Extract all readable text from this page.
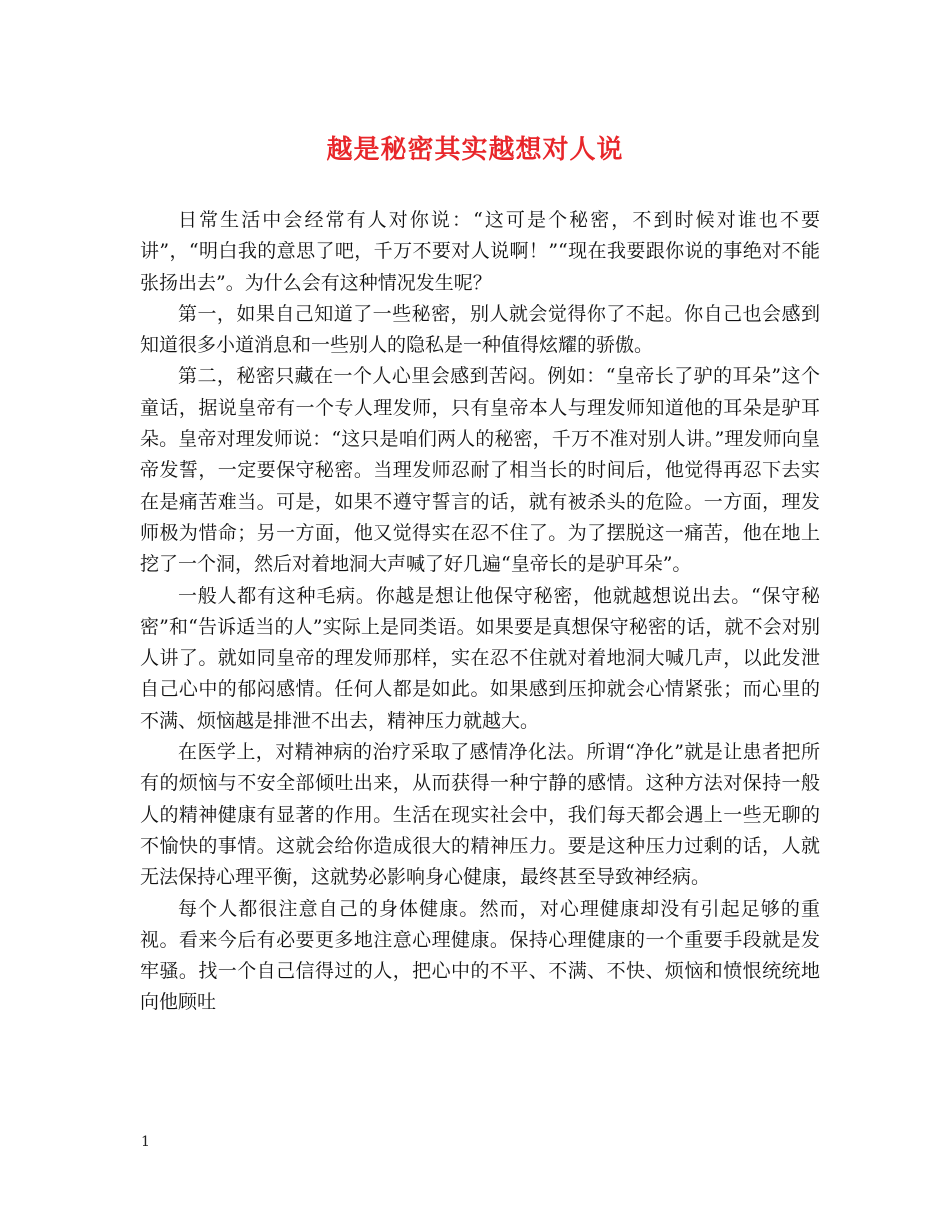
越是秘密其实越想对人说

日常生活中会经常有人对你说：“这可是个秘密，不到时候对谁也不要讲”，“明白我的意思了吧，千万不要对人说啊！”“现在我要跟你说的事绝对不能张扬出去”。为什么会有这种情况发生呢？

第一，如果自己知道了一些秘密，别人就会觉得你了不起。你自己也会感到知道很多小道消息和一些别人的隐私是一种值得炫耀的骄傲。

第二，秘密只藏在一个人心里会感到苦闷。例如：“皇帝长了驴的耳朵”这个童话，据说皇帝有一个专人理发师，只有皇帝本人与理发师知道他的耳朵是驴耳朵。皇帝对理发师说：“这只是咱们两人的秘密，千万不准对别人讲。”理发师向皇帝发誓，一定要保守秘密。当理发师忍耐了相当长的时间后，他觉得再忍下去实在是痛苦难当。可是，如果不遵守誓言的话，就有被杀头的危险。一方面，理发师极为惜命；另一方面，他又觉得实在忍不住了。为了摆脱这一痛苦，他在地上挖了一个洞，然后对着地洞大声喊了好几遍“皇帝长的是驴耳朵”。

一般人都有这种毛病。你越是想让他保守秘密，他就越想说出去。“保守秘密”和“告诉适当的人”实际上是同类语。如果要是真想保守秘密的话，就不会对别人讲了。就如同皇帝的理发师那样，实在忍不住就对着地洞大喊几声，以此发泄自己心中的郁闷感情。任何人都是如此。如果感到压抑就会心情紧张；而心里的不满、烦恼越是排泄不出去，精神压力就越大。

在医学上，对精神病的治疗采取了感情净化法。所谓“净化”就是让患者把所有的烦恼与不安全部倾吐出来，从而获得一种宁静的感情。这种方法对保持一般人的精神健康有显著的作用。生活在现实社会中，我们每天都会遇上一些无聊的不愉快的事情。这就会给你造成很大的精神压力。要是这种压力过剩的话，人就无法保持心理平衡，这就势必影响身心健康，最终甚至导致神经病。

每个人都很注意自己的身体健康。然而，对心理健康却没有引起足够的重视。看来今后有必要更多地注意心理健康。保持心理健康的一个重要手段就是发牢骚。找一个自己信得过的人，把心中的不平、不满、不快、烦恼和愤恨统统地向他顾吐

1
